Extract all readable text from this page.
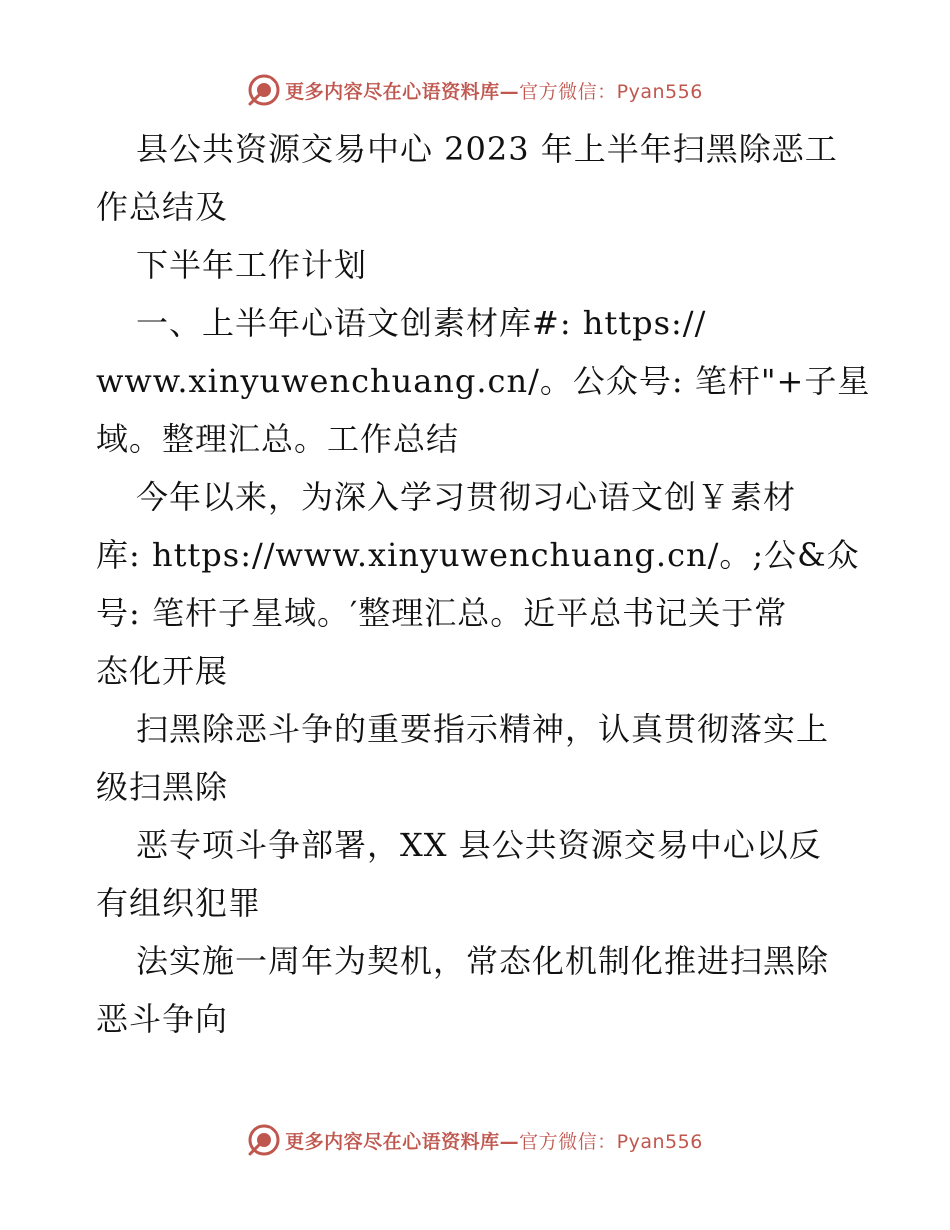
更多内容尽在心语资料库— 官方微信：Pyan556
县公共资源交易中心 2023 年上半年扫黑除恶工
作总结及
下半年工作计划
一、上半年心语文创素材库#: https://
www.xinyuwenchuang.cn/。公众号: 笔杆"+子星
域。整理汇总。工作总结
今年以来，为深入学习贯彻习心语文创￥素材
库: https://www.xinyuwenchuang.cn/。;公&众
号: 笔杆子星域。′整理汇总。近平总书记关于常
态化开展
扫黑除恶斗争的重要指示精神，认真贯彻落实上
级扫黑除
恶专项斗争部署，XX 县公共资源交易中心以反
有组织犯罪
法实施一周年为契机，常态化机制化推进扫黑除
恶斗争向
更多内容尽在心语资料库— 官方微信：Pyan556
